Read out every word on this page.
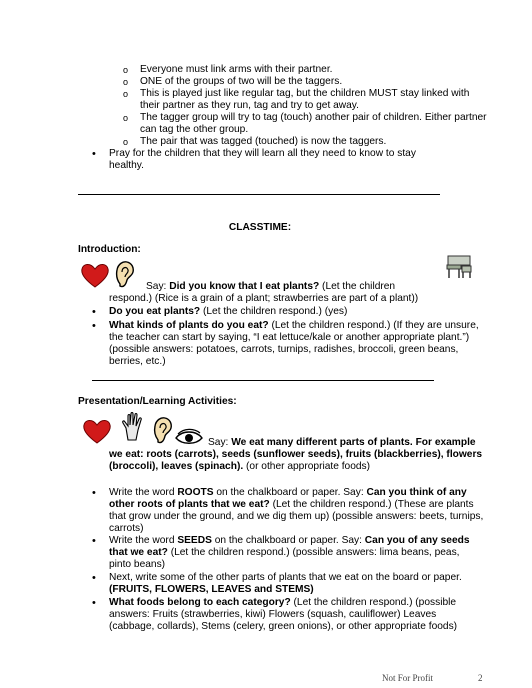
o Everyone must link arms with their partner.
o ONE of the groups of two will be the taggers.
o This is played just like regular tag, but the children MUST stay linked with their partner as they run, tag and try to get away.
o The tagger group will try to tag (touch) another pair of children. Either partner can tag the other group.
o The pair that was tagged (touched) is now the taggers.
• Pray for the children that they will learn all they need to know to stay healthy.
CLASSTIME:
Introduction:
Say: Did you know that I eat plants? (Let the children
respond.) (Rice is a grain of a plant; strawberries are part of a plant))
• Do you eat plants? (Let the children respond.) (yes)
• What kinds of plants do you eat? (Let the children respond.) (If they are unsure, the teacher can start by saying, “I eat lettuce/kale or another appropriate plant.”) (possible answers: potatoes, carrots, turnips, radishes, broccoli, green beans, berries, etc.)
Presentation/Learning Activities:
Say: We eat many different parts of plants. For example
we eat: roots (carrots), seeds (sunflower seeds), fruits (blackberries), flowers (broccoli), leaves (spinach). (or other appropriate foods)
• Write the word ROOTS on the chalkboard or paper. Say: Can you think of any other roots of plants that we eat? (Let the children respond.) (These are plants that grow under the ground, and we dig them up) (possible answers: beets, turnips, carrots)
• Write the word SEEDS on the chalkboard or paper. Say: Can you of any seeds that we eat? (Let the children respond.) (possible answers: lima beans, peas, pinto beans)
• Next, write some of the other parts of plants that we eat on the board or paper. (FRUITS, FLOWERS, LEAVES and STEMS)
• What foods belong to each category? (Let the children respond.) (possible answers: Fruits (strawberries, kiwi) Flowers (squash, cauliflower) Leaves (cabbage, collards), Stems (celery, green onions), or other appropriate foods)
Not For Profit	2
